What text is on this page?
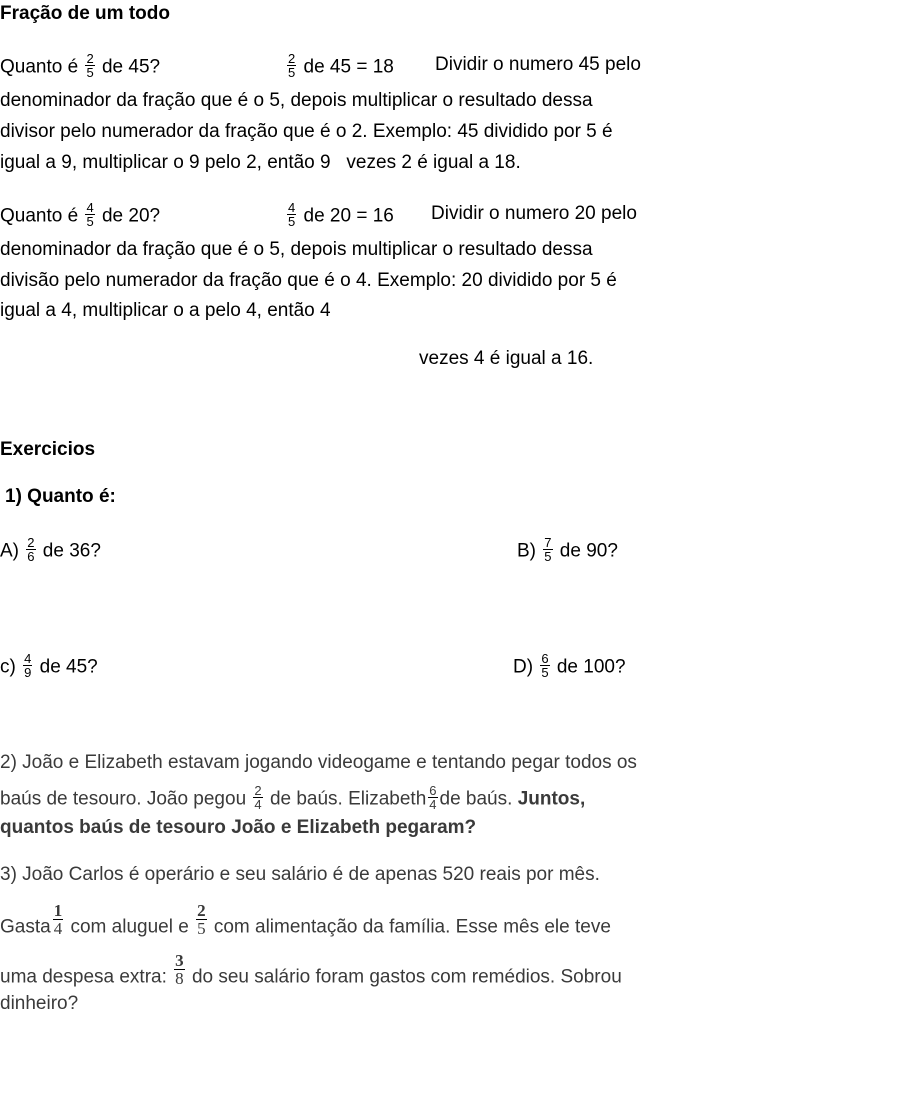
Fração de um todo
Quanto é $\frac{2}{5}$ de 45?	$\frac{2}{5}$ de 45 = 18 Dividir o numero 45 pelo
denominador da fração que é o 5, depois multiplicar o resultado dessa
divisor pelo numerador da fração que é o 2. Exemplo: 45 dividido por 5 é
igual a 9, multiplicar o 9 pelo 2, então 9   vezes 2 é igual a 18.
Quanto é $\frac{4}{5}$ de 20?	$\frac{4}{5}$ de 20 = 16 Dividir o numero 20 pelo
denominador da fração que é o 5, depois multiplicar o resultado dessa
divisão pelo numerador da fração que é o 4. Exemplo: 20 dividido por 5 é
igual a 4, multiplicar o a pelo 4, então 4
vezes 4 é igual a 16.
Exercicios
1) Quanto é:
$A) \frac{2}{6}$ de 36?	$B) \frac{7}{5}$ de 90?
$c) \frac{4}{9}$ de 45?	$D) \frac{6}{5}$ de 100?
2) João e Elizabeth estavam jogando videogame e tentando pegar todos os
baús de tesouro. João pegou $\frac{2}{4}$ de baús. Elizabeth $\frac{6}{4}$ de baús. Juntos,
quantos baús de tesouro João e Elizabeth pegaram?
3) João Carlos é operário e seu salário é de apenas 520 reais por mês.
Gasta $\frac{1}{4}$ com aluguel e $\frac{2}{5}$ com alimentação da família. Esse mês ele teve
uma despesa extra: $\frac{3}{8}$ do seu salário foram gastos com remédios. Sobrou
dinheiro?
